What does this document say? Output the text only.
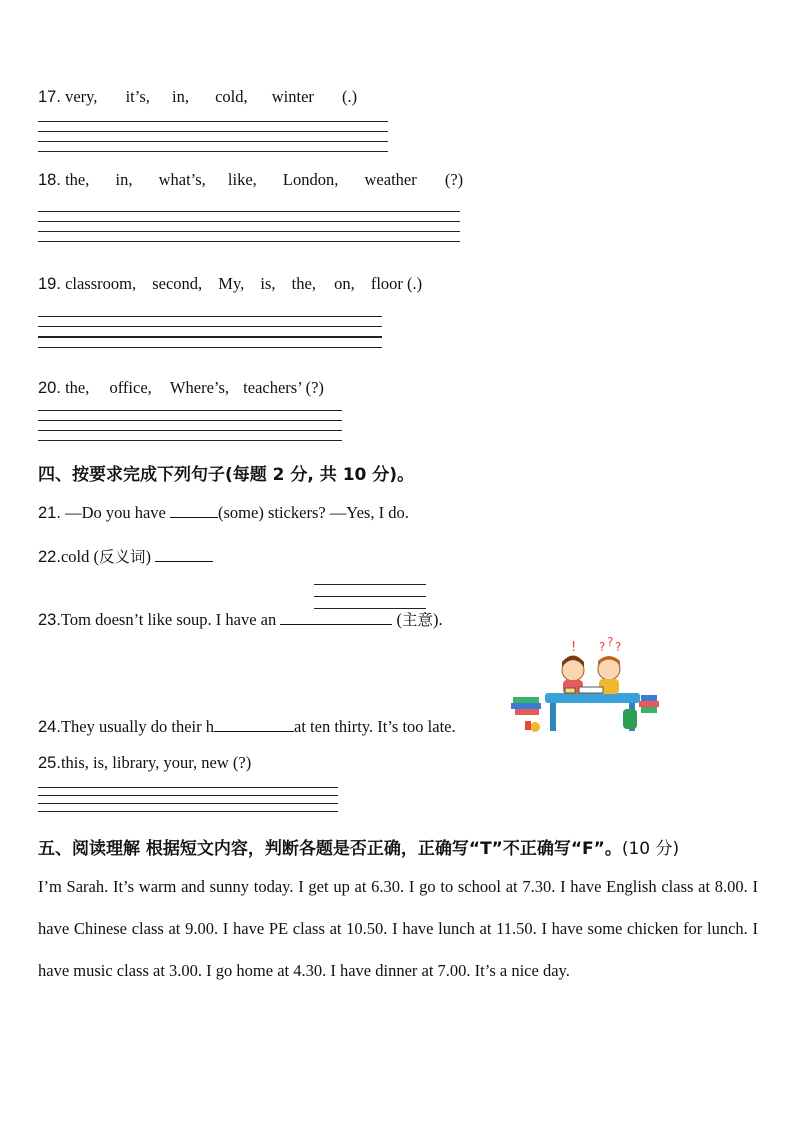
17. very, it’s, in, cold, winter (.)
18. the, in, what’s, like, London, weather (?)
19. classroom, second, My, is, the, on, floor (.)
20. the, office, Where’s, teachers’ (?)
四、按要求完成下列句子(每题 2 分, 共 10 分)。
21. —Do you have	(some) stickers? —Yes, I do.
22.cold (反义词)
23.Tom doesn’t like soup. I have an	(主意).
! ? ? ?
24.They usually do their h	at ten thirty. It’s too late.
25.this, is, library, your, new (?)
五、阅读理解 根据短文内容，判断各题是否正确，正确写“T”不正确写“F”。(10 分)
I’m Sarah. It’s warm and sunny today. I get up at 6.30. I go to school at 7.30. I have English class at 8.00. I have Chinese class at 9.00. I have PE class at 10.50. I have lunch at 11.50. I have some chicken for lunch. I have music class at 3.00. I go home at 4.30. I have dinner at 7.00. It’s a nice day.
